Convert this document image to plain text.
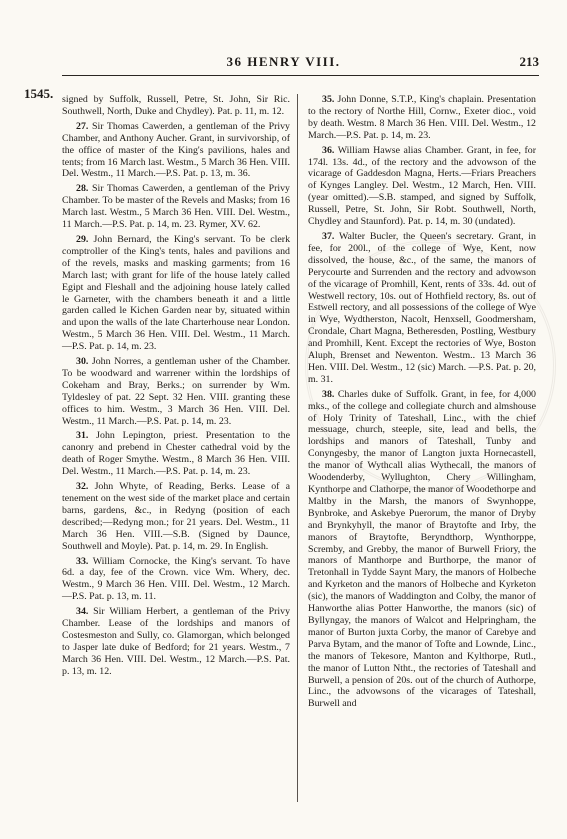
36 HENRY VIII.	213
1545. signed by Suffolk, Russell, Petre, St. John, Sir Ric. Southwell, North, Duke and Chydley). Pat. p. 11, m. 12.

27. Sir Thomas Cawerden, a gentleman of the Privy Chamber, and Anthony Aucher. Grant, in survivorship, of the office of master of the King's pavilions, hales and tents; from 16 March last. Westm., 5 March 36 Hen. VIII. Del. Westm., 11 March.—P.S. Pat. p. 13, m. 36.

28. Sir Thomas Cawerden, a gentleman of the Privy Chamber. To be master of the Revels and Masks; from 16 March last. Westm., 5 March 36 Hen. VIII. Del. Westm., 11 March.—P.S. Pat. p. 14, m. 23. Rymer, XV. 62.

29. John Bernard, the King's servant. To be clerk comptroller of the King's tents, hales and pavilions and of the revels, masks and masking garments; from 16 March last; with grant for life of the house lately called Egipt and Fleshall and the adjoining house lately called le Garneter, with the chambers beneath it and a little garden called le Kichen Garden near by, situated within and upon the walls of the late Charterhouse near London. Westm., 5 March 36 Hen. VIII. Del. Westm., 11 March.—P.S. Pat. p. 14, m. 23.

30. John Norres, a gentleman usher of the Chamber. To be woodward and warrener within the lordships of Cokeham and Bray, Berks.; on surrender by Wm. Tyldesley of pat. 22 Sept. 32 Hen. VIII. granting these offices to him. Westm., 3 March 36 Hen. VIII. Del. Westm., 11 March.—P.S. Pat. p. 14, m. 23.

31. John Lepington, priest. Presentation to the canonry and prebend in Chester cathedral void by the death of Roger Smythe. Westm., 8 March 36 Hen. VIII. Del. Westm., 11 March.—P.S. Pat. p. 14, m. 23.

32. John Whyte, of Reading, Berks. Lease of a tenement on the west side of the market place and certain barns, gardens, &c., in Redyng (position of each described;—Redyng mon.; for 21 years. Del. Westm., 11 March 36 Hen. VIII.—S.B. (Signed by Daunce, Southwell and Moyle). Pat. p. 14, m. 29. In English.

33. William Cornocke, the King's servant. To have 6d. a day, fee of the Crown. vice Wm. Whery, dec. Westm., 9 March 36 Hen. VIII. Del. Westm., 12 March.—P.S. Pat. p. 13, m. 11.

34. Sir William Herbert, a gentleman of the Privy Chamber. Lease of the lordships and manors of Costesmeston and Sully, co. Glamorgan, which belonged to Jasper late duke of Bedford; for 21 years. Westm., 7 March 36 Hen. VIII. Del. Westm., 12 March.—P.S. Pat. p. 13, m. 12.

35. John Donne, S.T.P., King's chaplain. Presentation to the rectory of Northe Hill, Cornw., Exeter dioc., void by death. Westm. 8 March 36 Hen. VIII. Del. Westm., 12 March.—P.S. Pat. p. 14, m. 23.

36. William Hawse alias Chamber. Grant, in fee, for 174l. 13s. 4d., of the rectory and the advowson of the vicarage of Gaddesdon Magna, Herts.—Friars Preachers of Kynges Langley. Del. Westm., 12 March, Hen. VIII. (year omitted).—S.B. stamped, and signed by Suffolk, Russell, Petre, St. John, Sir Robt. Southwell, North, Chydley and Staunford). Pat. p. 14, m. 30 (undated).

37. Walter Bucler, the Queen's secretary. Grant, in fee, for 200l., of the college of Wye, Kent, now dissolved, the house, &c., of the same, the manors of Perycourte and Surrenden and the rectory and advowson of the vicarage of Promhill, Kent, rents of 33s. 4d. out of Westwell rectory, 10s. out of Hothfield rectory, 8s. out of Estwell rectory, and all possessions of the college of Wye in Wye, Wydtherston, Nacolt, Henxsell, Goodmersham, Crondale, Chart Magna, Betheresden, Postling, Westbury and Promhill, Kent. Except the rectories of Wye, Boston Aluph, Brenset and Newenton. Westm.. 13 March 36 Hen. VIII. Del. Westm., 12 (sic) March. —P.S. Pat. p. 20, m. 31.

38. Charles duke of Suffolk. Grant, in fee, for 4,000 mks., of the college and collegiate church and almshouse of Holy Trinity of Tateshall, Linc., with the chief messuage, church, steeple, site, lead and bells, the lordships and manors of Tateshall, Tunby and Conyngesby, the manor of Langton juxta Hornecastell, the manor of Wythcall alias Wythecall, the manors of Woodenderby, Wyllughton, Chery Willingham, Kynthorpe and Clathorpe, the manor of Woodethorpe and Maltby in the Marsh, the manors of Swynhoppe, Bynbroke, and Askebye Puerorum, the manor of Dryby and Brynkyhyll, the manor of Braytofte and Irby, the manors of Braytofte, Beryndthorp, Wynthorppe, Scremby, and Grebby, the manor of Burwell Friory, the manors of Manthorpe and Burthorpe, the manor of Tretonhall in Tydde Saynt Mary, the manors of Holbeche and Kyrketon and the manors of Holbeche and Kyrketon (sic), the manors of Waddington and Colby, the manor of Hanworthe alias Potter Hanworthe, the manors (sic) of Byllyngay, the manors of Walcot and Helpringham, the manor of Burton juxta Corby, the manor of Carebye and Parva Bytam, and the manor of Tofte and Lownde, Linc., the manors of Tekesore, Manton and Kylthorpe, Rutl., the manor of Lutton Ntht., the rectories of Tateshall and Burwell, a pension of 20s. out of the church of Authorpe, Linc., the advowsons of the vicarages of Tateshall, Burwell and
